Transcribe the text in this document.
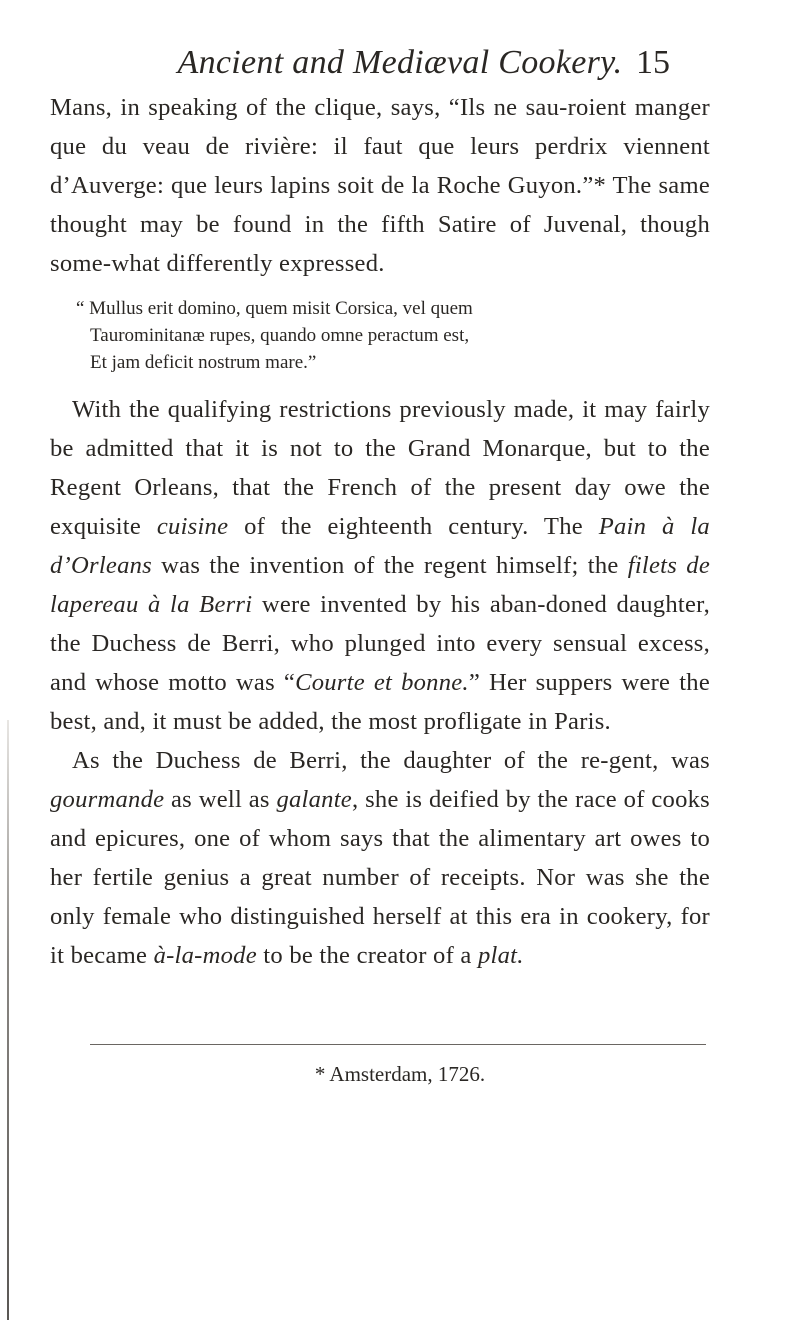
Ancient and Mediæval Cookery. 15

Mans, in speaking of the clique, says, “Ils ne sau-roient manger que du veau de rivière: il faut que leurs perdrix viennent d’Auverge: que leurs lapins soit de la Roche Guyon.”* The same thought may be found in the fifth Satire of Juvenal, though some-what differently expressed.

“ Mullus erit domino, quem misit Corsica, vel quem
Taurominitanæ rupes, quando omne peractum est,
Et jam deficit nostrum mare.”

With the qualifying restrictions previously made, it may fairly be admitted that it is not to the Grand Monarque, but to the Regent Orleans, that the French of the present day owe the exquisite cuisine of the eighteenth century. The Pain à la d’Orleans was the invention of the regent himself; the filets de lapereau à la Berri were invented by his aban-doned daughter, the Duchess de Berri, who plunged into every sensual excess, and whose motto was “Courte et bonne.” Her suppers were the best, and, it must be added, the most profligate in Paris.

As the Duchess de Berri, the daughter of the re-gent, was gourmande as well as galante, she is deified by the race of cooks and epicures, one of whom says that the alimentary art owes to her fertile genius a great number of receipts. Nor was she the only female who distinguished herself at this era in cookery, for it became à-la-mode to be the creator of a plat.

* Amsterdam, 1726.
